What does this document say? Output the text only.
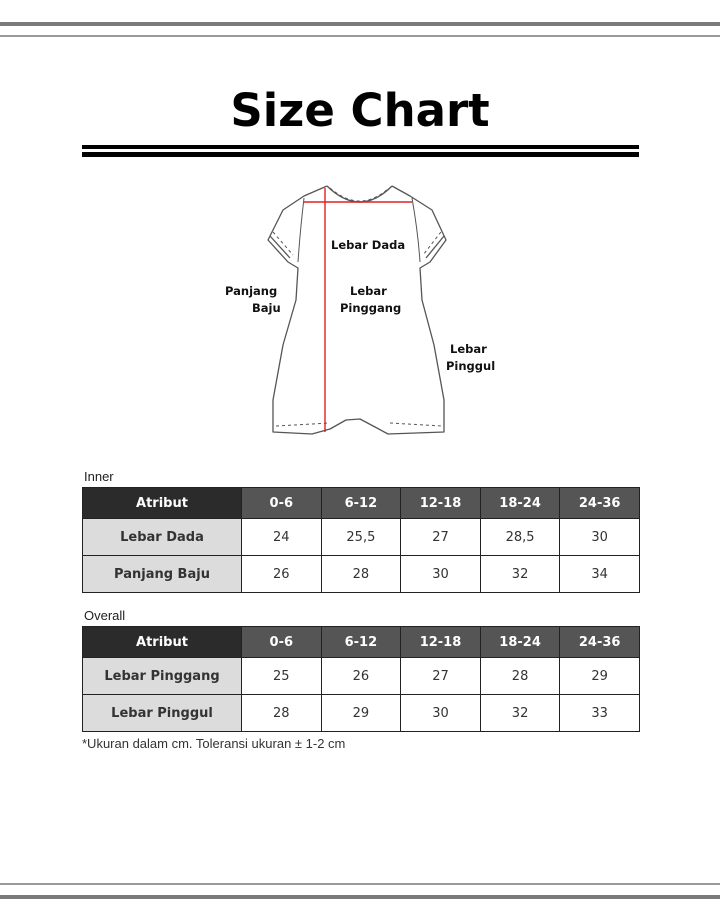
Size Chart
Lebar Dada
Panjang
Baju
Lebar
Pinggang
Lebar
Pinggul
Inner
Atribut	0-6	6-12	12-18	18-24	24-36
Lebar Dada	24	25,5	27	28,5	30
Panjang Baju	26	28	30	32	34
Overall
Atribut	0-6	6-12	12-18	18-24	24-36
Lebar Pinggang	25	26	27	28	29
Lebar Pinggul	28	29	30	32	33
*Ukuran dalam cm. Toleransi ukuran ± 1-2 cm
